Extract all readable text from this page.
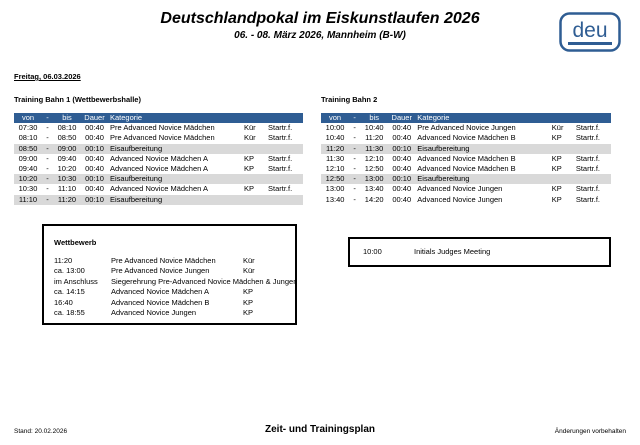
Deutschlandpokal im Eiskunstlaufen 2026
06. - 08. März 2026, Mannheim (B-W)	deu
Freitag, 06.03.2026
Training Bahn 1 (Wettbewerbshalle)	Training Bahn 2
von	-	bis	Dauer	Kategorie		
07:30	-	08:10	00:40	Pre Advanced Novice Mädchen	Kür	Startr.f.
08:10	-	08:50	00:40	Pre Advanced Novice Mädchen	Kür	Startr.f.
08:50	-	09:00	00:10	Eisaufbereitung		
09:00	-	09:40	00:40	Advanced Novice Mädchen A	KP	Startr.f.
09:40	-	10:20	00:40	Advanced Novice Mädchen A	KP	Startr.f.
10:20	-	10:30	00:10	Eisaufbereitung		
10:30	-	11:10	00:40	Advanced Novice Mädchen A	KP	Startr.f.
11:10	-	11:20	00:10	Eisaufbereitung		
von	-	bis	Dauer	Kategorie		
10:00	-	10:40	00:40	Pre Advanced Novice Jungen	Kür	Startr.f.
10:40	-	11:20	00:40	Advanced Novice Mädchen B	KP	Startr.f.
11:20	-	11:30	00:10	Eisaufbereitung		
11:30	-	12:10	00:40	Advanced Novice Mädchen B	KP	Startr.f.
12:10	-	12:50	00:40	Advanced Novice Mädchen B	KP	Startr.f.
12:50	-	13:00	00:10	Eisaufbereitung		
13:00	-	13:40	00:40	Advanced Novice Jungen	KP	Startr.f.
13:40	-	14:20	00:40	Advanced Novice Jungen	KP	Startr.f.
Wettbewerb
11:20	Pre Advanced Novice Mädchen	Kür
ca. 13:00	Pre Advanced Novice Jungen	Kür
im Anschluss Siegerehrung Pre-Advanced Novice Mädchen & Jungen
ca. 14:15	Advanced Novice Mädchen A	KP
16:40	Advanced Novice Mädchen B	KP
ca. 18:55	Advanced Novice Jungen	KP
10:00	Initials Judges Meeting
Stand: 20.02.2026	Zeit- und Trainingsplan	Änderungen vorbehalten
